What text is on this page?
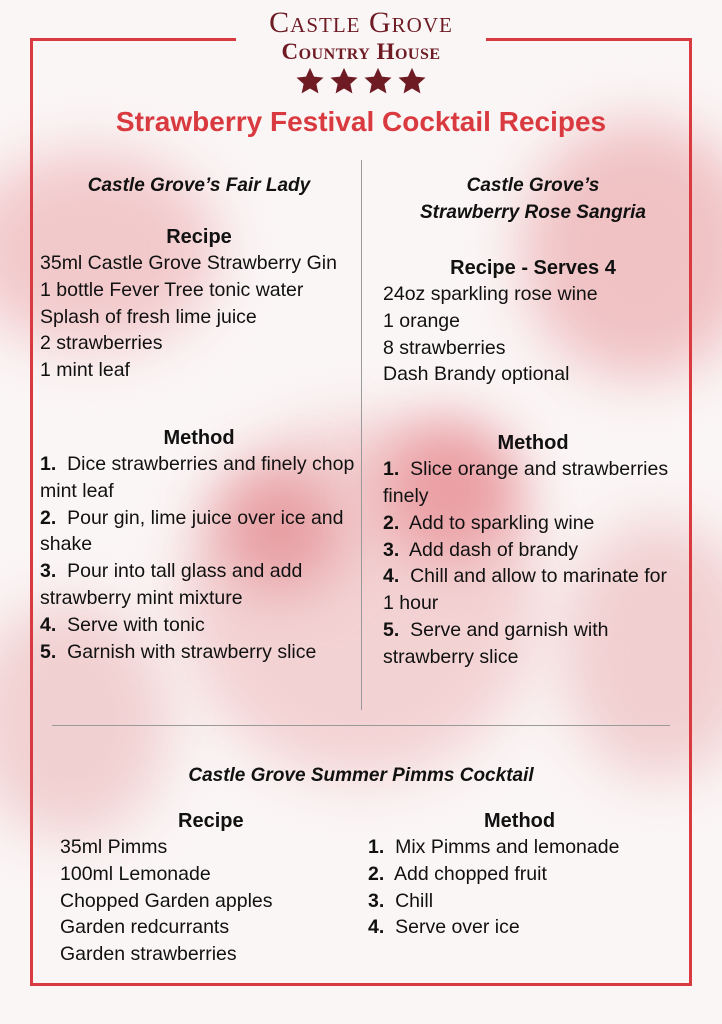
Castle Grove
Country House
Strawberry Festival Cocktail Recipes
Castle Grove’s Fair Lady
Recipe
35ml Castle Grove Strawberry Gin
1 bottle Fever Tree tonic water
Splash of fresh lime juice
2 strawberries
1 mint leaf
Method
1.  Dice strawberries and finely chop mint leaf
2.  Pour gin, lime juice over ice and shake
3.  Pour into tall glass and add strawberry mint mixture
4.  Serve with tonic
5.  Garnish with strawberry slice
Castle Grove’s
Strawberry Rose Sangria
Recipe - Serves 4
24oz sparkling rose wine
1 orange
8 strawberries
Dash Brandy optional
Method
1.  Slice orange and strawberries finely
2.  Add to sparkling wine
3.  Add dash of brandy
4.  Chill and allow to marinate for 1 hour
5.  Serve and garnish with strawberry slice
Castle Grove Summer Pimms Cocktail
Recipe
35ml Pimms
100ml Lemonade
Chopped Garden apples
Garden redcurrants
Garden strawberries
Method
1.  Mix Pimms and lemonade
2.  Add chopped fruit
3.  Chill
4.  Serve over ice
